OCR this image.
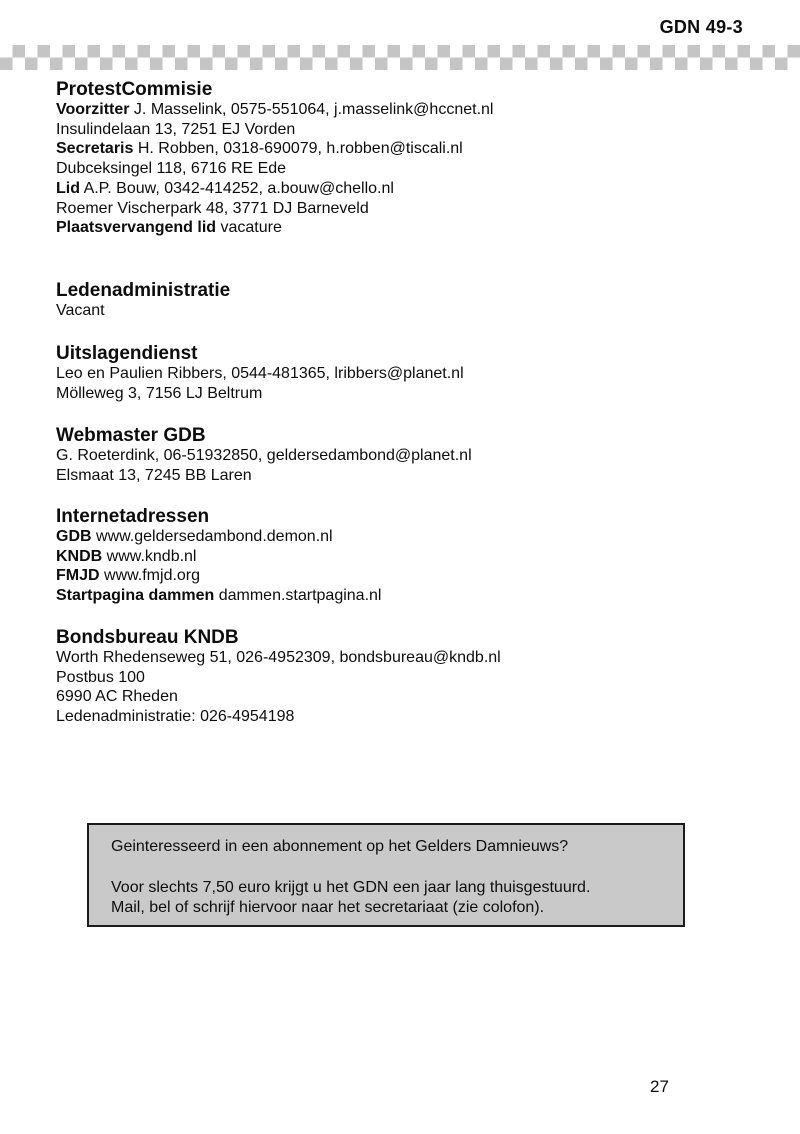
GDN 49-3
ProtestCommisie

Voorzitter J. Masselink, 0575-551064, j.masselink@hccnet.nl

Insulindelaan 13, 7251 EJ Vorden

Secretaris H. Robben, 0318-690079, h.robben@tiscali.nl

Dubceksingel 118, 6716 RE Ede

Lid A.P. Bouw, 0342-414252, a.bouw@chello.nl

Roemer Vischerpark 48, 3771 DJ Barneveld

Plaatsvervangend lid vacature

Ledenadministratie

Vacant

Uitslagendienst

Leo en Paulien Ribbers, 0544-481365, lribbers@planet.nl

Mölleweg 3, 7156 LJ Beltrum

Webmaster GDB

G. Roeterdink, 06-51932850, geldersedambond@planet.nl

Elsmaat 13, 7245 BB Laren

Internetadressen

GDB www.geldersedambond.demon.nl

KNDB www.kndb.nl

FMJD www.fmjd.org

Startpagina dammen dammen.startpagina.nl

Bondsbureau KNDB

Worth Rhedenseweg 51, 026-4952309, bondsbureau@kndb.nl

Postbus 100

6990 AC Rheden

Ledenadministratie: 026-4954198

Geinteresseerd in een abonnement op het Gelders Damnieuws?

Voor slechts 7,50 euro krijgt u het GDN een jaar lang thuisgestuurd.

Mail, bel of schrijf hiervoor naar het secretariaat (zie colofon).

27
